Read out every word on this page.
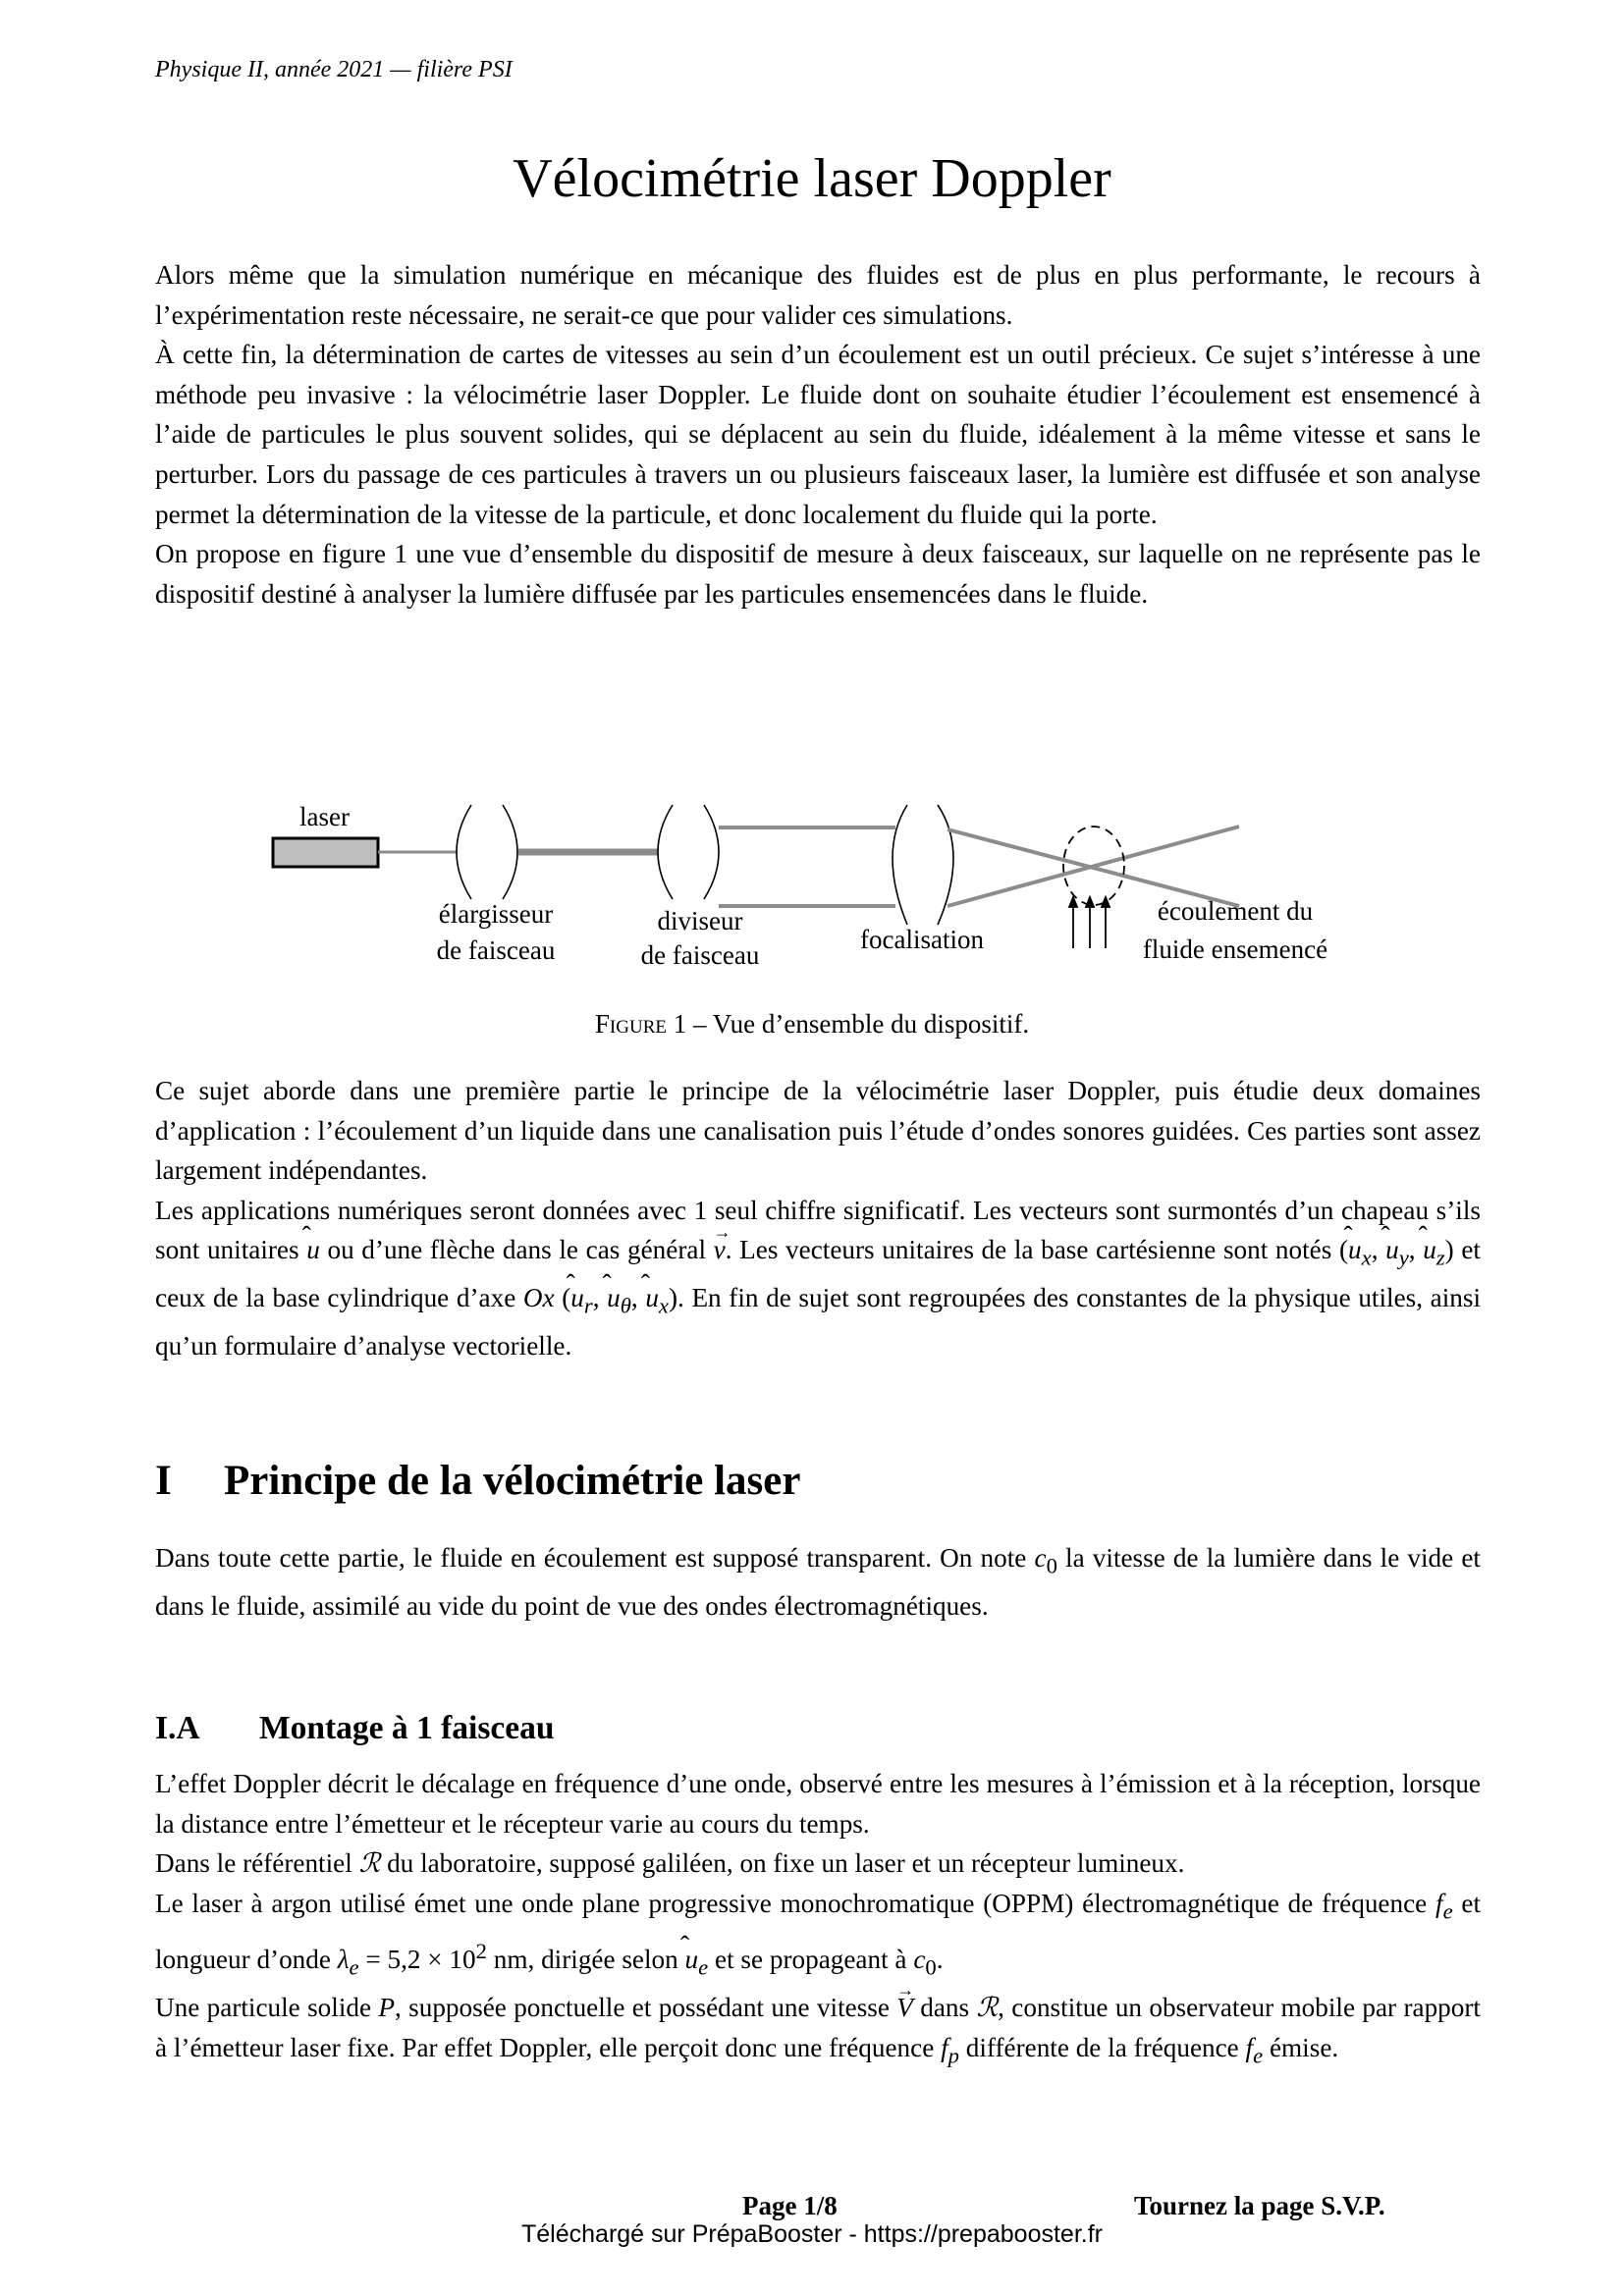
Physique II, année 2021 — filière PSI
Vélocimétrie laser Doppler

Alors même que la simulation numérique en mécanique des fluides est de plus en plus performante, le recours à l’expérimentation reste nécessaire, ne serait-ce que pour valider ces simulations.

À cette fin, la détermination de cartes de vitesses au sein d’un écoulement est un outil précieux. Ce sujet s’intéresse à une méthode peu invasive : la vélocimétrie laser Doppler. Le fluide dont on souhaite étudier l’écoulement est ensemencé à l’aide de particules le plus souvent solides, qui se déplacent au sein du fluide, idéalement à la même vitesse et sans le perturber. Lors du passage de ces particules à travers un ou plusieurs faisceaux laser, la lumière est diffusée et son analyse permet la détermination de la vitesse de la particule, et donc localement du fluide qui la porte.

On propose en figure 1 une vue d’ensemble du dispositif de mesure à deux faisceaux, sur laquelle on ne représente pas le dispositif destiné à analyser la lumière diffusée par les particules ensemencées dans le fluide.

laser
élargisseur
de faisceau
diviseur
de faisceau
focalisation
écoulement du
fluide ensemencé
Figure 1 – Vue d’ensemble du dispositif.

Ce sujet aborde dans une première partie le principe de la vélocimétrie laser Doppler, puis étudie deux domaines d’application : l’écoulement d’un liquide dans une canalisation puis l’étude d’ondes sonores guidées. Ces parties sont assez largement indépendantes.

Les applications numériques seront données avec 1 seul chiffre significatif. Les vecteurs sont surmontés d’un chapeau s’ils sont unitaires ̂ u ou d’une flèche dans le cas général → v. Les vecteurs unitaires de la base cartésienne sont notés (̂ $u_x$, ̂ $u_y$, ̂ $u_z$) et ceux de la base cylindrique d’axe Ox (̂ $u_r$, ̂ $u_\theta$, ̂ $u_x$). En fin de sujet sont regroupées des constantes de la physique utiles, ainsi qu’un formulaire d’analyse vectorielle.

I Principe de la vélocimétrie laser

Dans toute cette partie, le fluide en écoulement est supposé transparent. On note $c_0$ la vitesse de la lumière dans le vide et dans le fluide, assimilé au vide du point de vue des ondes électromagnétiques.

I.A Montage à 1 faisceau

L’effet Doppler décrit le décalage en fréquence d’une onde, observé entre les mesures à l’émission et à la réception, lorsque la distance entre l’émetteur et le récepteur varie au cours du temps.

Dans le référentiel ℛ du laboratoire, supposé galiléen, on fixe un laser et un récepteur lumineux.

Le laser à argon utilisé émet une onde plane progressive monochromatique (OPPM) électromagnétique de fréquence $f_e$ et longueur d’onde $\lambda_e = 5,2 \times 10^2$ nm, dirigée selon ̂ $u_e$ et se propageant à $c_0$.

Une particule solide P, supposée ponctuelle et possédant une vitesse → V dans ℛ, constitue un observateur mobile par rapport à l’émetteur laser fixe. Par effet Doppler, elle perçoit donc une fréquence $f_p$ différente de la fréquence $f_e$ émise.

Page 1/8	Tournez la page S.V.P.
Téléchargé sur PrépaBooster - https://prepabooster.fr
